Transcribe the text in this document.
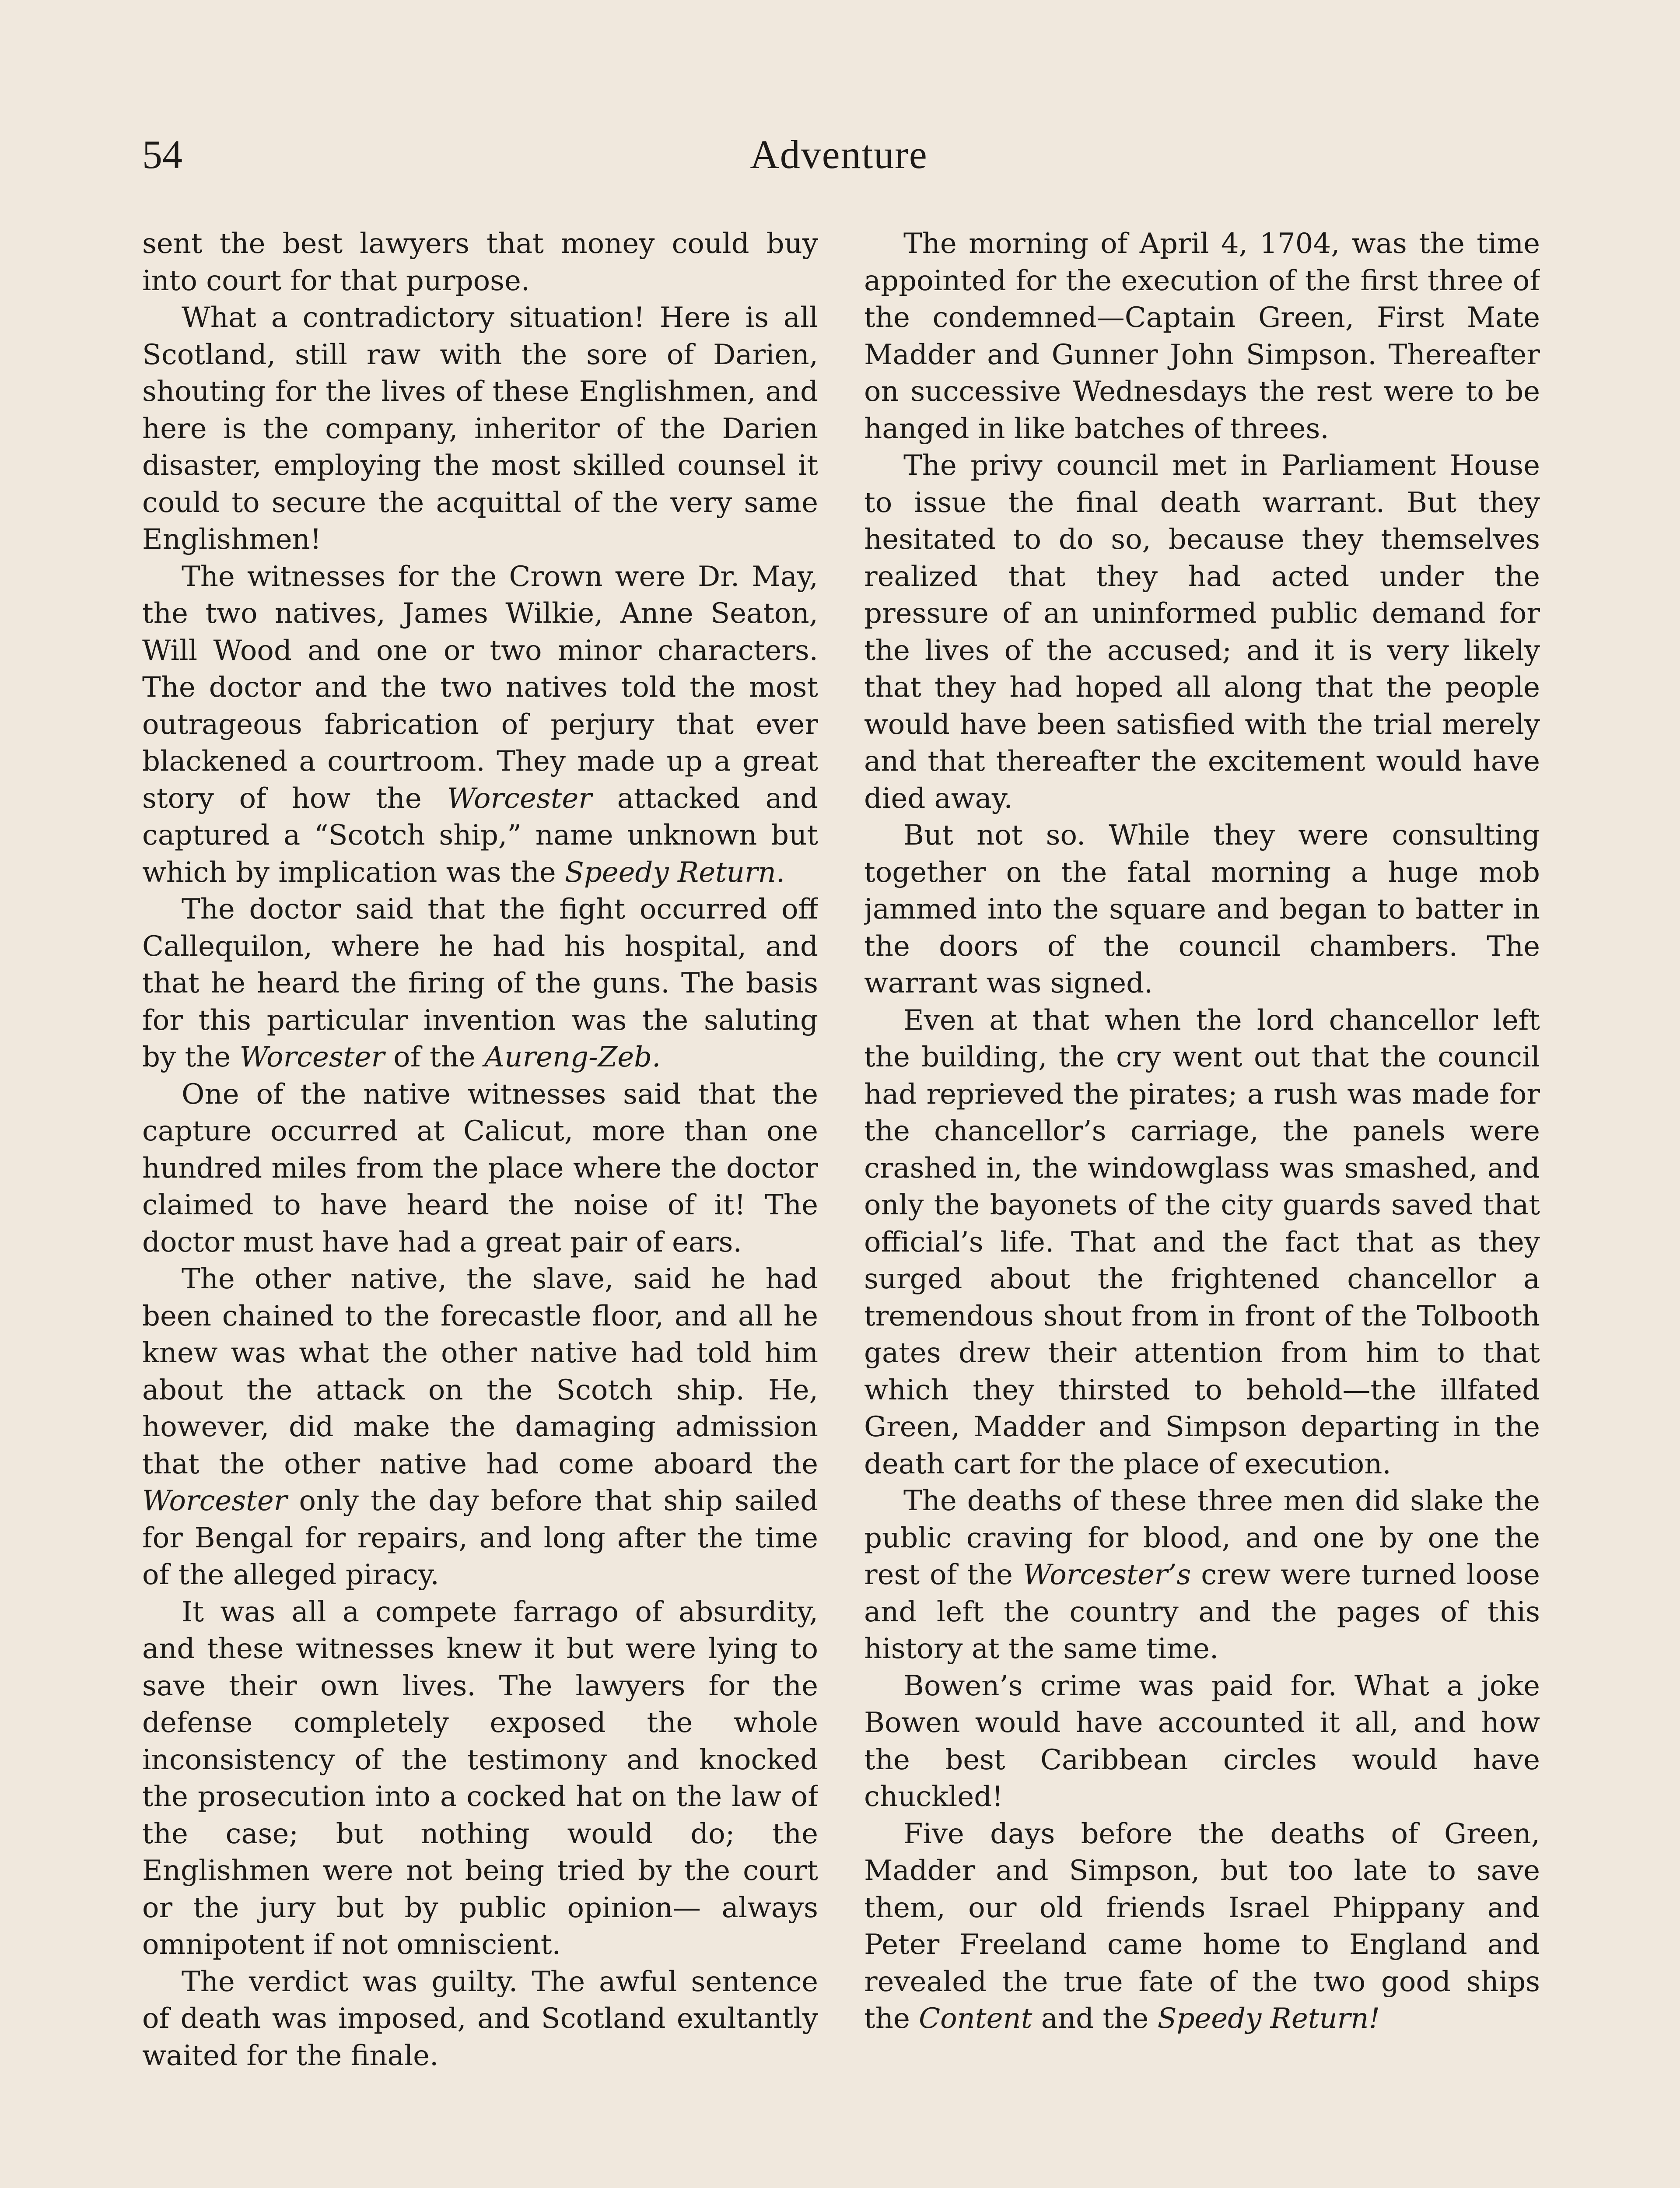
54	Adventure

sent the best lawyers that money could buy into court for that purpose.

What a contradictory situation! Here is all Scotland, still raw with the sore of Darien, shouting for the lives of these Englishmen, and here is the company, inheritor of the Darien disaster, employing the most skilled counsel it could to secure the acquittal of the very same Englishmen!

The witnesses for the Crown were Dr. May, the two natives, James Wilkie, Anne Seaton, Will Wood and one or two minor characters. The doctor and the two natives told the most outrageous fabrication of perjury that ever blackened a courtroom. They made up a great story of how the Worcester attacked and captured a “Scotch ship,” name unknown but which by implication was the Speedy Return.

The doctor said that the fight occurred off Callequilon, where he had his hospital, and that he heard the firing of the guns. The basis for this particular invention was the saluting by the Worcester of the Aureng-Zeb.

One of the native witnesses said that the capture occurred at Calicut, more than one hundred miles from the place where the doctor claimed to have heard the noise of it! The doctor must have had a great pair of ears.

The other native, the slave, said he had been chained to the forecastle floor, and all he knew was what the other native had told him about the attack on the Scotch ship. He, however, did make the damaging admission that the other native had come aboard the Worcester only the day before that ship sailed for Bengal for repairs, and long after the time of the alleged piracy.

It was all a compete farrago of absurdity, and these witnesses knew it but were lying to save their own lives. The lawyers for the defense completely exposed the whole inconsistency of the testimony and knocked the prosecution into a cocked hat on the law of the case; but nothing would do; the Englishmen were not being tried by the court or the jury but by public opinion— always omnipotent if not omniscient.

The verdict was guilty. The awful sentence of death was imposed, and Scotland exultantly waited for the finale.

The morning of April 4, 1704, was the time appointed for the execution of the first three of the condemned—Captain Green, First Mate Madder and Gunner John Simpson. Thereafter on successive Wednesdays the rest were to be hanged in like batches of threes.

The privy council met in Parliament House to issue the final death warrant. But they hesitated to do so, because they themselves realized that they had acted under the pressure of an uninformed public demand for the lives of the accused; and it is very likely that they had hoped all along that the people would have been satisfied with the trial merely and that thereafter the excitement would have died away.

But not so. While they were consulting together on the fatal morning a huge mob jammed into the square and began to batter in the doors of the council chambers. The warrant was signed.

Even at that when the lord chancellor left the building, the cry went out that the council had reprieved the pirates; a rush was made for the chancellor’s carriage, the panels were crashed in, the windowglass was smashed, and only the bayonets of the city guards saved that official’s life. That and the fact that as they surged about the frightened chancellor a tremendous shout from in front of the Tolbooth gates drew their attention from him to that which they thirsted to behold—the illfated Green, Madder and Simpson departing in the death cart for the place of execution.

The deaths of these three men did slake the public craving for blood, and one by one the rest of the Worcester’s crew were turned loose and left the country and the pages of this history at the same time.

Bowen’s crime was paid for. What a joke Bowen would have accounted it all, and how the best Caribbean circles would have chuckled!

Five days before the deaths of Green, Madder and Simpson, but too late to save them, our old friends Israel Phippany and Peter Freeland came home to England and revealed the true fate of the two good ships the Content and the Speedy Return!
